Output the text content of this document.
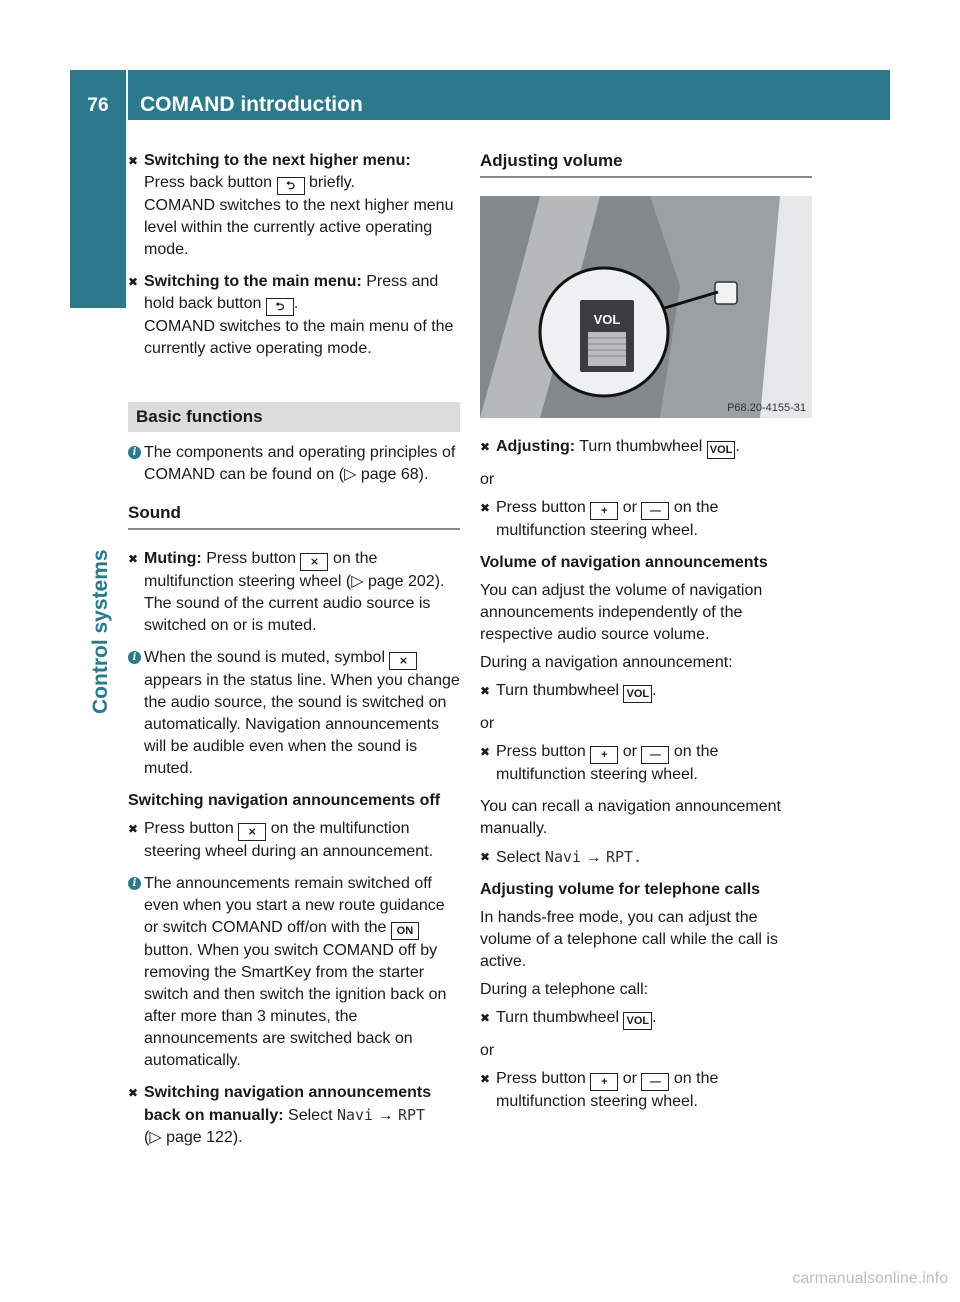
76	COMAND introduction
Control systems
✖ Switching to the next higher menu:
Press back button ⮌ briefly.

COMAND switches to the next higher menu level within the currently active operating mode.

✖ Switching to the main menu: Press and hold back button ⮌ .

COMAND switches to the main menu of the currently active operating mode.

Basic functions
i The components and operating principles of COMAND can be found on (▷ page 68).

Sound
✖ Muting: Press button ⨯ on the multifunction steering wheel (▷ page 202).

The sound of the current audio source is switched on or is muted.

i When the sound is muted, symbol ⨯ appears in the status line. When you change the audio source, the sound is switched on automatically. Navigation announcements will be audible even when the sound is muted.

Switching navigation announcements off
✖ Press button ⨯ on the multifunction steering wheel during an announcement.

i The announcements remain switched off even when you start a new route guidance or switch COMAND off/on with the ON button. When you switch COMAND off by removing the SmartKey from the starter switch and then switch the ignition back on after more than 3 minutes, the announcements are switched back on automatically.

✖ Switching navigation announcements back on manually: Select Navi → RPT
(▷ page 122).

Adjusting volume
VOL
P68.20-4155-31
✖ Adjusting: Turn thumbwheel VOL .

or
✖ Press button + or — on the multifunction steering wheel.

Volume of navigation announcements

You can adjust the volume of navigation announcements independently of the respective audio source volume.

During a navigation announcement:

✖ Turn thumbwheel VOL .

or
✖ Press button + or — on the multifunction steering wheel.

You can recall a navigation announcement manually.

✖ Select Navi → RPT.

Adjusting volume for telephone calls

In hands-free mode, you can adjust the volume of a telephone call while the call is active.

During a telephone call:

✖ Turn thumbwheel VOL .

or
✖ Press button + or — on the multifunction steering wheel.

carmanualsonline.info
